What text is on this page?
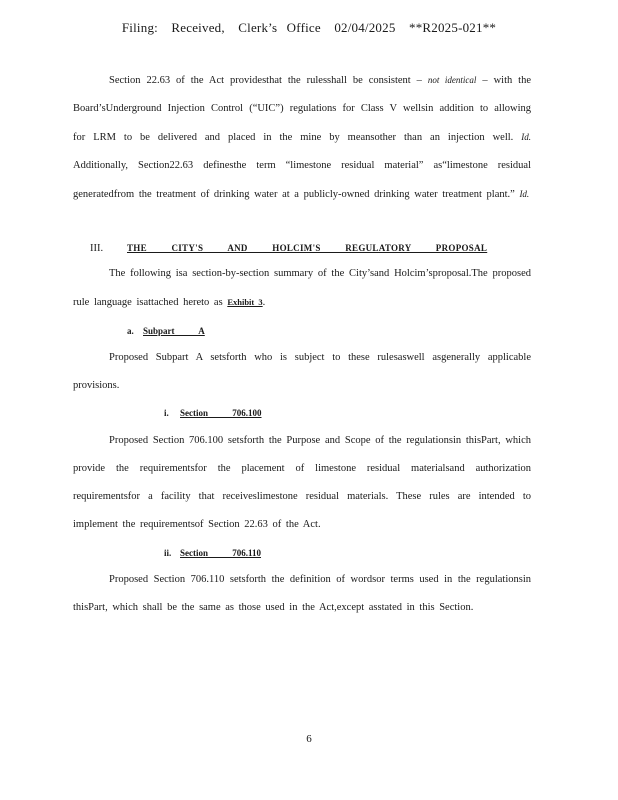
Filing: Received, Clerk’s Office 02/04/2025 **R2025-021**
Section 22.63 of the Act providesthat the rulesshall be consistent – not identical – with the Board’sUnderground Injection Control (“UIC”) regulations for Class V wellsin addition to allowing for LRM to be delivered and placed in the mine by meansother than an injection well. Id. Additionally, Section22.63 definesthe term “limestone residual material” as“limestone residual generatedfrom the treatment of drinking water at a publicly-owned drinking water treatment plant.” Id.
III.	THE CITY'S AND HOLCIM'S REGULATORY PROPOSAL
The following isa section-by-section summary of the City’sand Holcim’sproposal.The proposed rule language isattached hereto as Exhibit 3.
a. Subpart A
Proposed Subpart A setsforth who is subject to these rulesaswell asgenerally applicable provisions.
i. Section 706.100
Proposed Section 706.100 setsforth the Purpose and Scope of the regulationsin thisPart, which provide the requirementsfor the placement of limestone residual materialsand authorization requirementsfor a facility that receiveslimestone residual materials. These rules are intended to implement the requirementsof Section 22.63 of the Act.
ii. Section 706.110
Proposed Section 706.110 setsforth the definition of wordsor terms used in the regulationsin thisPart, which shall be the same as those used in the Act,except asstated in this Section.
6
